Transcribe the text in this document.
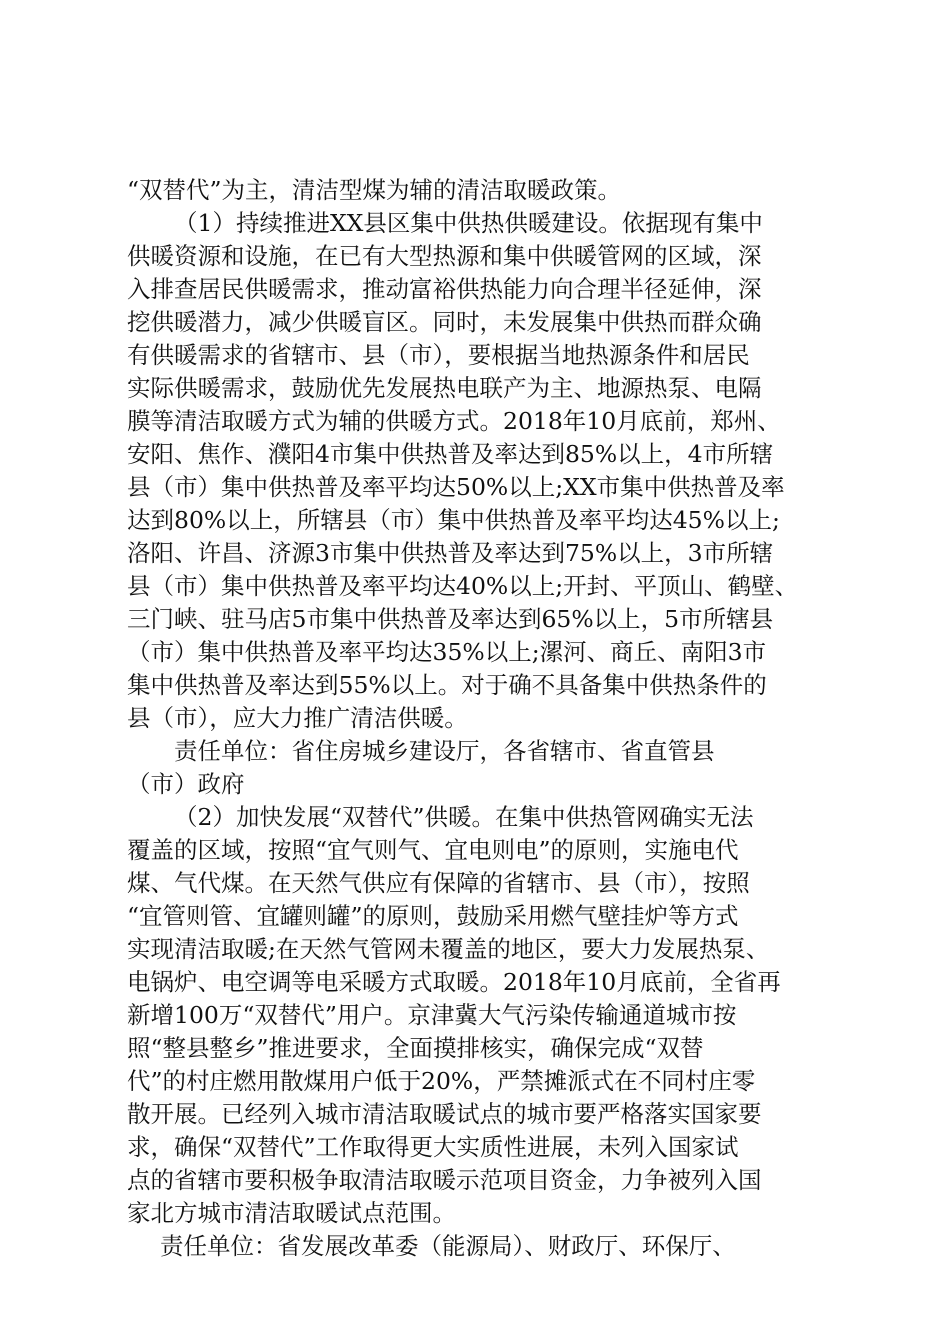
“双替代”为主，清洁型煤为辅的清洁取暖政策。
（1）持续推进XX县区集中供热供暖建设。依据现有集中
供暖资源和设施，在已有大型热源和集中供暖管网的区域，深
入排查居民供暖需求，推动富裕供热能力向合理半径延伸，深
挖供暖潜力，减少供暖盲区。同时，未发展集中供热而群众确
有供暖需求的省辖市、县（市），要根据当地热源条件和居民
实际供暖需求，鼓励优先发展热电联产为主、地源热泵、电隔
膜等清洁取暖方式为辅的供暖方式。2018年10月底前，郑州、
安阳、焦作、濮阳4市集中供热普及率达到85%以上，4市所辖
县（市）集中供热普及率平均达50%以上;XX市集中供热普及率
达到80%以上，所辖县（市）集中供热普及率平均达45%以上;
洛阳、许昌、济源3市集中供热普及率达到75%以上，3市所辖
县（市）集中供热普及率平均达40%以上;开封、平顶山、鹤壁、
三门峡、驻马店5市集中供热普及率达到65%以上，5市所辖县
（市）集中供热普及率平均达35%以上;漯河、商丘、南阳3市
集中供热普及率达到55%以上。对于确不具备集中供热条件的
县（市），应大力推广清洁供暖。
责任单位：省住房城乡建设厅，各省辖市、省直管县
（市）政府
（2）加快发展“双替代”供暖。在集中供热管网确实无法
覆盖的区域，按照“宜气则气、宜电则电”的原则，实施电代
煤、气代煤。在天然气供应有保障的省辖市、县（市），按照
“宜管则管、宜罐则罐”的原则，鼓励采用燃气壁挂炉等方式
实现清洁取暖;在天然气管网未覆盖的地区，要大力发展热泵、
电锅炉、电空调等电采暖方式取暖。2018年10月底前，全省再
新增100万“双替代”用户。京津冀大气污染传输通道城市按
照“整县整乡”推进要求，全面摸排核实，确保完成“双替
代”的村庄燃用散煤用户低于20%，严禁摊派式在不同村庄零
散开展。已经列入城市清洁取暖试点的城市要严格落实国家要
求，确保“双替代”工作取得更大实质性进展，未列入国家试
点的省辖市要积极争取清洁取暖示范项目资金，力争被列入国
家北方城市清洁取暖试点范围。
责任单位：省发展改革委（能源局）、财政厅、环保厅、
